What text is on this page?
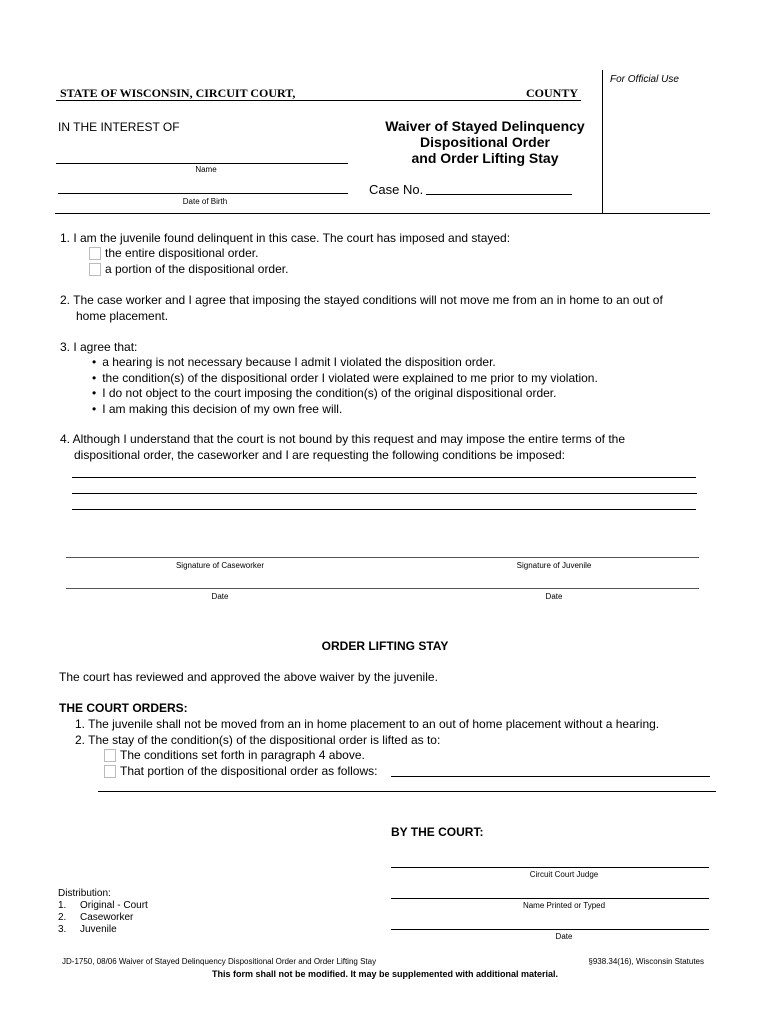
For Official Use
STATE OF WISCONSIN, CIRCUIT COURT,	COUNTY
IN THE INTEREST OF
Name
Date of Birth
Waiver of Stayed Delinquency
Dispositional Order
and Order Lifting Stay
Case No.
1. I am the juvenile found delinquent in this case. The court has imposed and stayed:
the entire dispositional order.
a portion of the dispositional order.
2. The case worker and I agree that imposing the stayed conditions will not move me from an in home to an out of
home placement.
3. I agree that:
• a hearing is not necessary because I admit I violated the disposition order.
• the condition(s) of the dispositional order I violated were explained to me prior to my violation.
• I do not object to the court imposing the condition(s) of the original dispositional order.
• I am making this decision of my own free will.
4. Although I understand that the court is not bound by this request and may impose the entire terms of the
dispositional order, the caseworker and I are requesting the following conditions be imposed:
Signature of Caseworker	Signature of Juvenile
Date	Date
ORDER LIFTING STAY
The court has reviewed and approved the above waiver by the juvenile.
THE COURT ORDERS:
1. The juvenile shall not be moved from an in home placement to an out of home placement without a hearing.
2. The stay of the condition(s) of the dispositional order is lifted as to:
The conditions set forth in paragraph 4 above.
That portion of the dispositional order as follows:
BY THE COURT:
Circuit Court Judge
Name Printed or Typed
Date
Distribution:
1. Original - Court
2. Caseworker
3. Juvenile
JD-1750, 08/06 Waiver of Stayed Delinquency Dispositional Order and Order Lifting Stay	§938.34(16), Wisconsin Statutes
This form shall not be modified. It may be supplemented with additional material.
